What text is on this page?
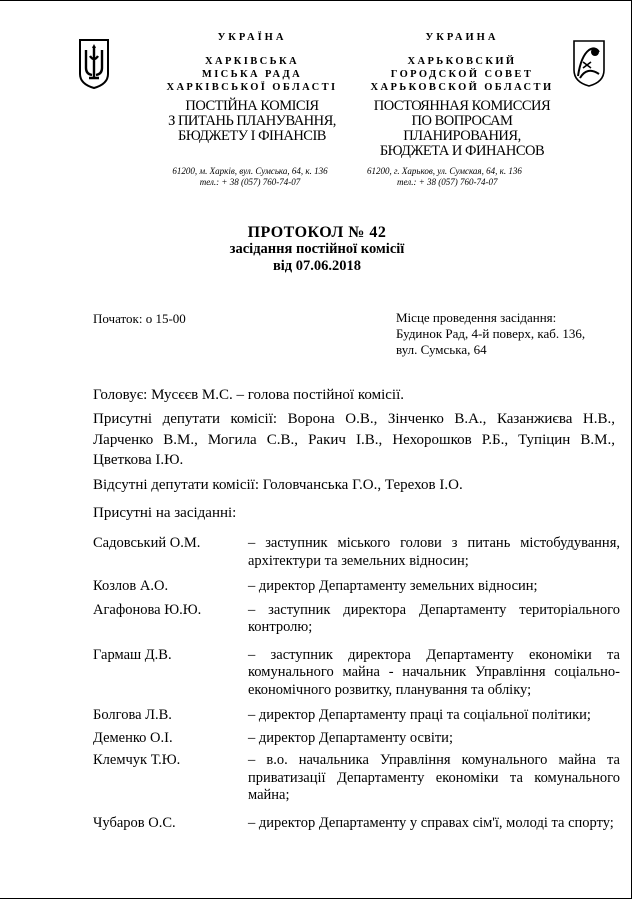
УКРАЇНА
ХАРКІВСЬКА
МІСЬКА РАДА
ХАРКІВСЬКОЇ ОБЛАСТІ
УКРАИНА
ХАРЬКОВСКИЙ
ГОРОДСКОЙ СОВЕТ
ХАРЬКОВСКОЙ ОБЛАСТИ
ПОСТІЙНА КОМІСІЯ
З ПИТАНЬ ПЛАНУВАННЯ,
БЮДЖЕТУ І ФІНАНСІВ
ПОСТОЯННАЯ КОМИССИЯ
ПО ВОПРОСАМ ПЛАНИРОВАНИЯ,
БЮДЖЕТА И ФИНАНСОВ
61200, м. Харків, вул. Сумська, 64, к. 136
тел.: + 38 (057) 760-74-07
61200, г. Харьков, ул. Сумская, 64, к. 136
тел.: + 38 (057) 760-74-07
ПРОТОКОЛ № 42
засідання постійної комісії
від 07.06.2018
Початок: о 15-00	Місце проведення засідання:
Будинок Рад, 4-й поверх, каб. 136,
вул. Сумська, 64
Головує: Мусєєв М.С. – голова постійної комісії.
Присутні депутати комісії: Ворона О.В., Зінченко В.А., Казанжиєва Н.В., Ларченко В.М., Могила С.В., Ракич І.В., Нехорошков Р.Б., Тупіцин В.М., Цветкова І.Ю.
Відсутні депутати комісії: Головчанська Г.О., Терехов І.О.
Присутні на засіданні:
Садовський О.М.	– заступник міського голови з питань містобудування, архітектури та земельних відносин;
Козлов А.О.	– директор Департаменту земельних відносин;
Агафонова Ю.Ю.	– заступник директора Департаменту територіального контролю;
Гармаш Д.В.	– заступник директора Департаменту економіки та комунального майна - начальник Управління соціально-економічного розвитку, планування та обліку;
Болгова Л.В.	– директор Департаменту праці та соціальної політики;
Деменко О.І.	– директор Департаменту освіти;
Клемчук Т.Ю.	– в.о. начальника Управління комунального майна та приватизації Департаменту економіки та комунального майна;
Чубаров О.С.	– директор Департаменту у справах сім'ї, молоді та спорту;
